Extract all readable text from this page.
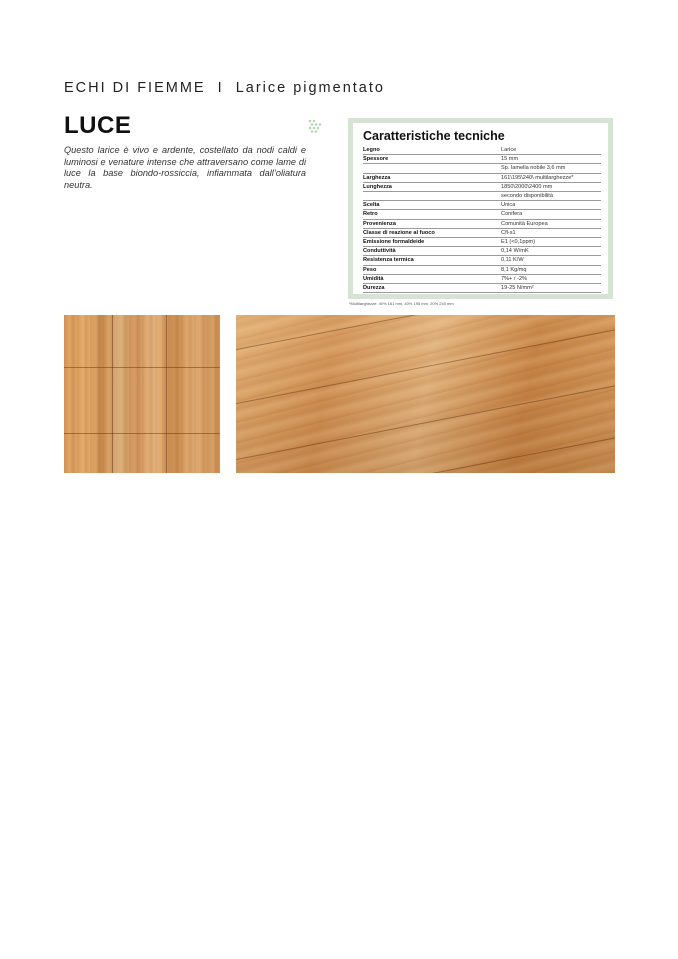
ECHI DI FIEMME I Larice pigmentato
LUCE

Questo larice è vivo e ardente, costellato da nodi caldi e luminosi e venature intense che attraversano come lame di luce la base biondo-rossiccia, infiammata dall’oliatura neutra.

Caratteristiche tecniche
Legno	Larice
Spessore	15 mm
	Sp. lamella nobile 3,6 mm
Larghezza	161\195\240\ multilarghezze*
Lunghezza	1850\2000\2400 mm
	secondo disponibilità
Scelta	Unica
Retro	Conifera
Provenienza	Comunità Europea
Classe di reazione al fuoco	Cfl-s1
Emissione formaldeide	E1 (<0,1ppm)
Conduttività	0,14 W/mK
Resistenza termica	0,11 K/W
Peso	8,1 Kg/mq
Umidità	7%+ / -2%
Durezza	19-25 N/mm²
*Multilarghezze: 40% 161 mm, 40% 195 mm, 20% 240 mm
